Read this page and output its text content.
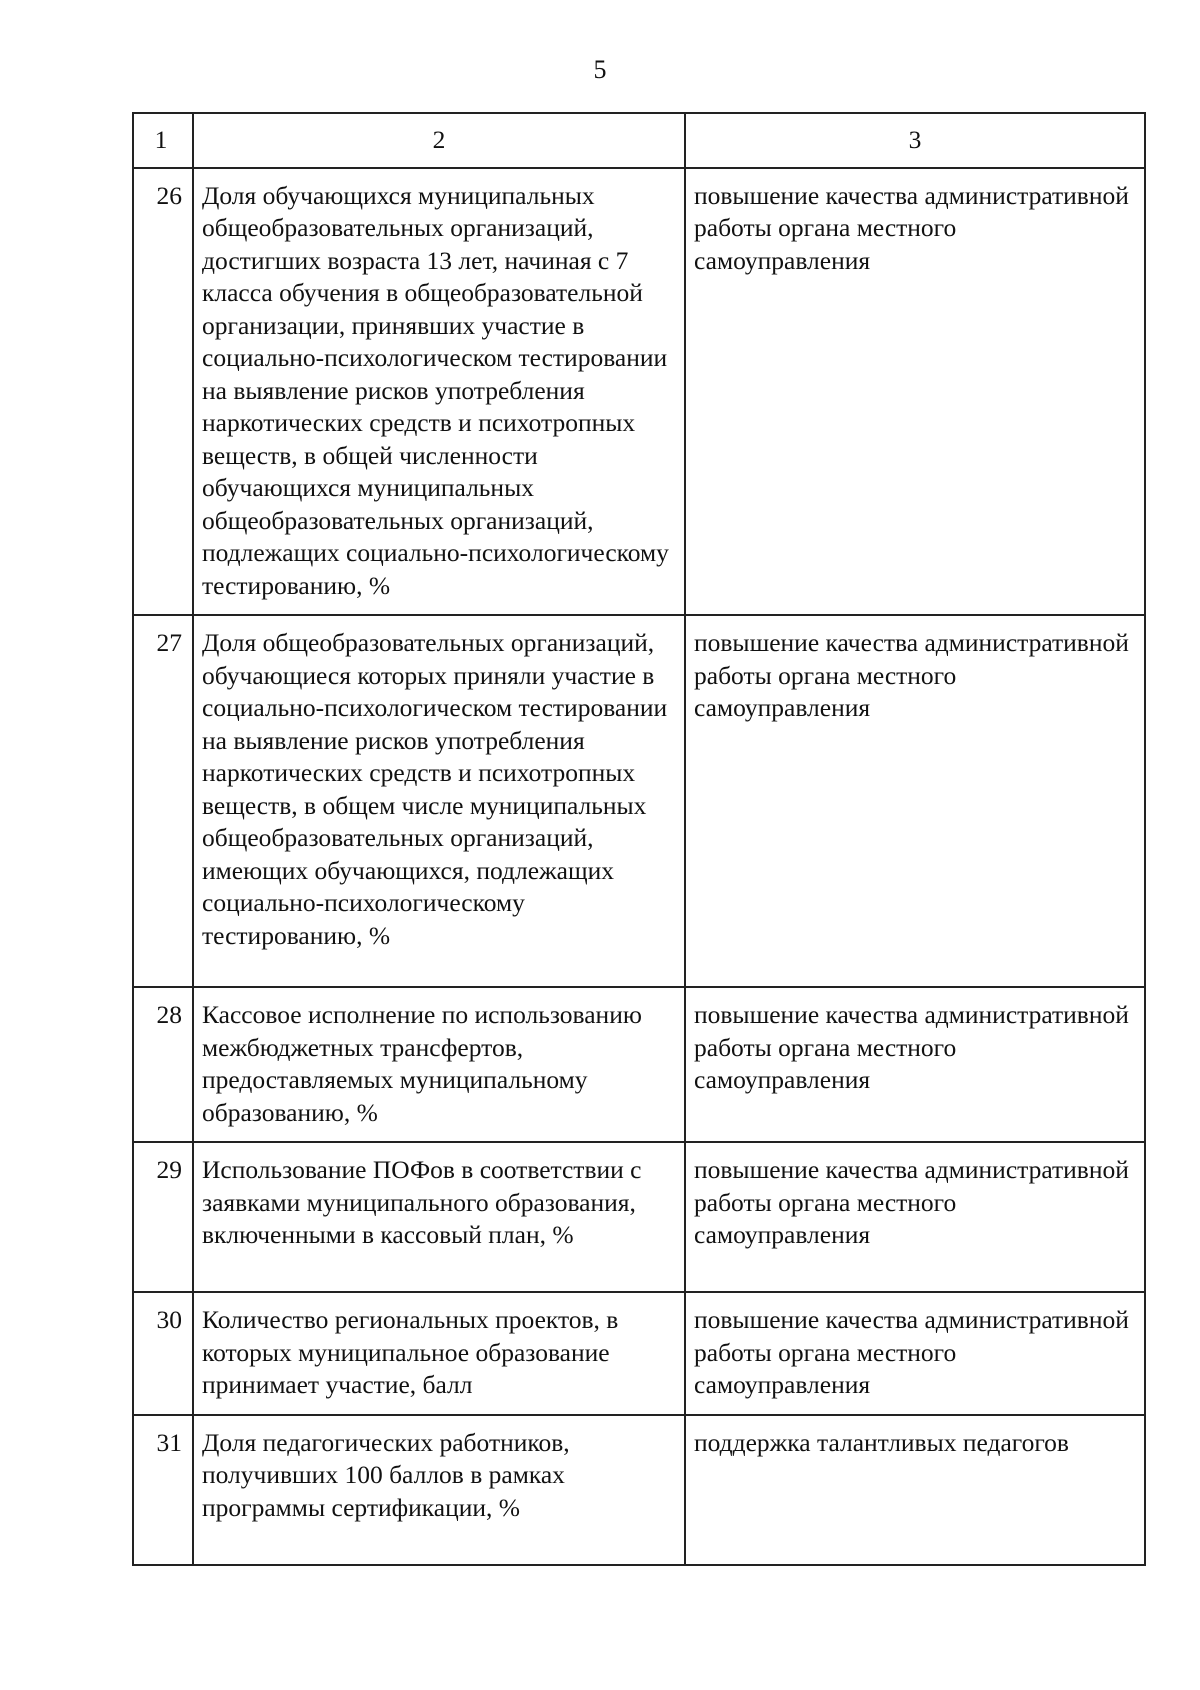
5
1	2	3
26	Доля обучающихся муниципальных общеобразовательных организаций, достигших возраста 13 лет, начиная с 7 класса обучения в общеобразовательной организации, принявших участие в социально-психологическом тестировании на выявление рисков употребления наркотических средств и психотропных веществ, в общей численности обучающихся муниципальных общеобразовательных организаций, подлежащих социально-психологическому тестированию, %	повышение качества административной работы органа местного самоуправления
27	Доля общеобразовательных организаций, обучающиеся которых приняли участие в социально-психологическом тестировании на выявление рисков употребления наркотических средств и психотропных веществ, в общем числе муниципальных общеобразовательных организаций, имеющих обучающихся, подлежащих социально-психологическому тестированию, %	повышение качества административной работы органа местного самоуправления
28	Кассовое исполнение по использованию межбюджетных трансфертов, предоставляемых муниципальному образованию, %	повышение качества административной работы органа местного самоуправления
29	Использование ПОФов в соответствии с заявками муниципального образования, включенными в кассовый план, %	повышение качества административной работы органа местного самоуправления
30	Количество региональных проектов, в которых муниципальное образование принимает участие, балл	повышение качества административной работы органа местного самоуправления
31	Доля педагогических работников, получивших 100 баллов в рамках программы сертификации, %	поддержка талантливых педагогов
